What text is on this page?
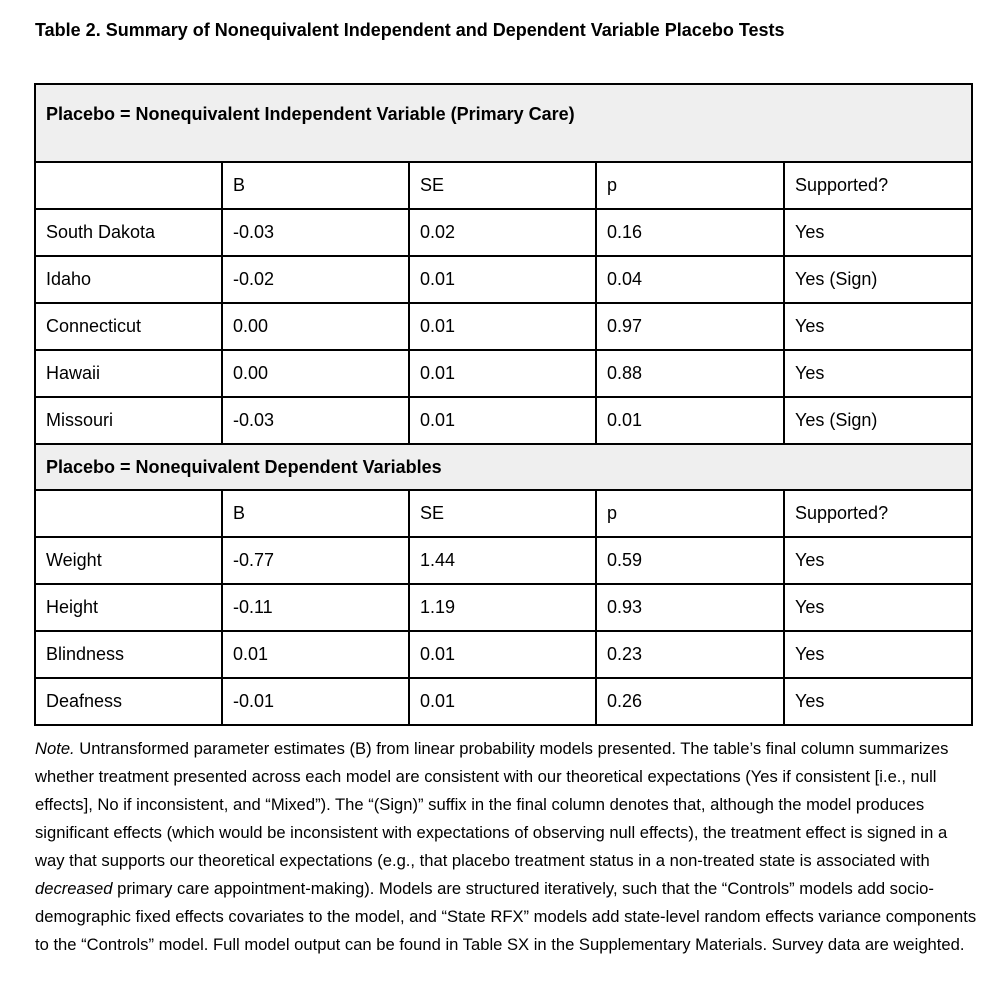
Table 2. Summary of Nonequivalent Independent and Dependent Variable Placebo Tests
Placebo = Nonequivalent Independent Variable (Primary Care)				
	B	SE	p	Supported?
South Dakota	-0.03	0.02	0.16	Yes
Idaho	-0.02	0.01	0.04	Yes (Sign)
Connecticut	0.00	0.01	0.97	Yes
Hawaii	0.00	0.01	0.88	Yes
Missouri	-0.03	0.01	0.01	Yes (Sign)
Placebo = Nonequivalent Dependent Variables				
	B	SE	p	Supported?
Weight	-0.77	1.44	0.59	Yes
Height	-0.11	1.19	0.93	Yes
Blindness	0.01	0.01	0.23	Yes
Deafness	-0.01	0.01	0.26	Yes
Note. Untransformed parameter estimates (B) from linear probability models presented. The table’s final column summarizes whether treatment presented across each model are consistent with our theoretical expectations (Yes if consistent [i.e., null effects], No if inconsistent, and “Mixed”). The “(Sign)” suffix in the final column denotes that, although the model produces significant effects (which would be inconsistent with expectations of observing null effects), the treatment effect is signed in a way that supports our theoretical expectations (e.g., that placebo treatment status in a non-treated state is associated with decreased primary care appointment-making). Models are structured iteratively, such that the “Controls” models add socio-demographic fixed effects covariates to the model, and “State RFX” models add state-level random effects variance components to the “Controls” model. Full model output can be found in Table SX in the Supplementary Materials. Survey data are weighted.
